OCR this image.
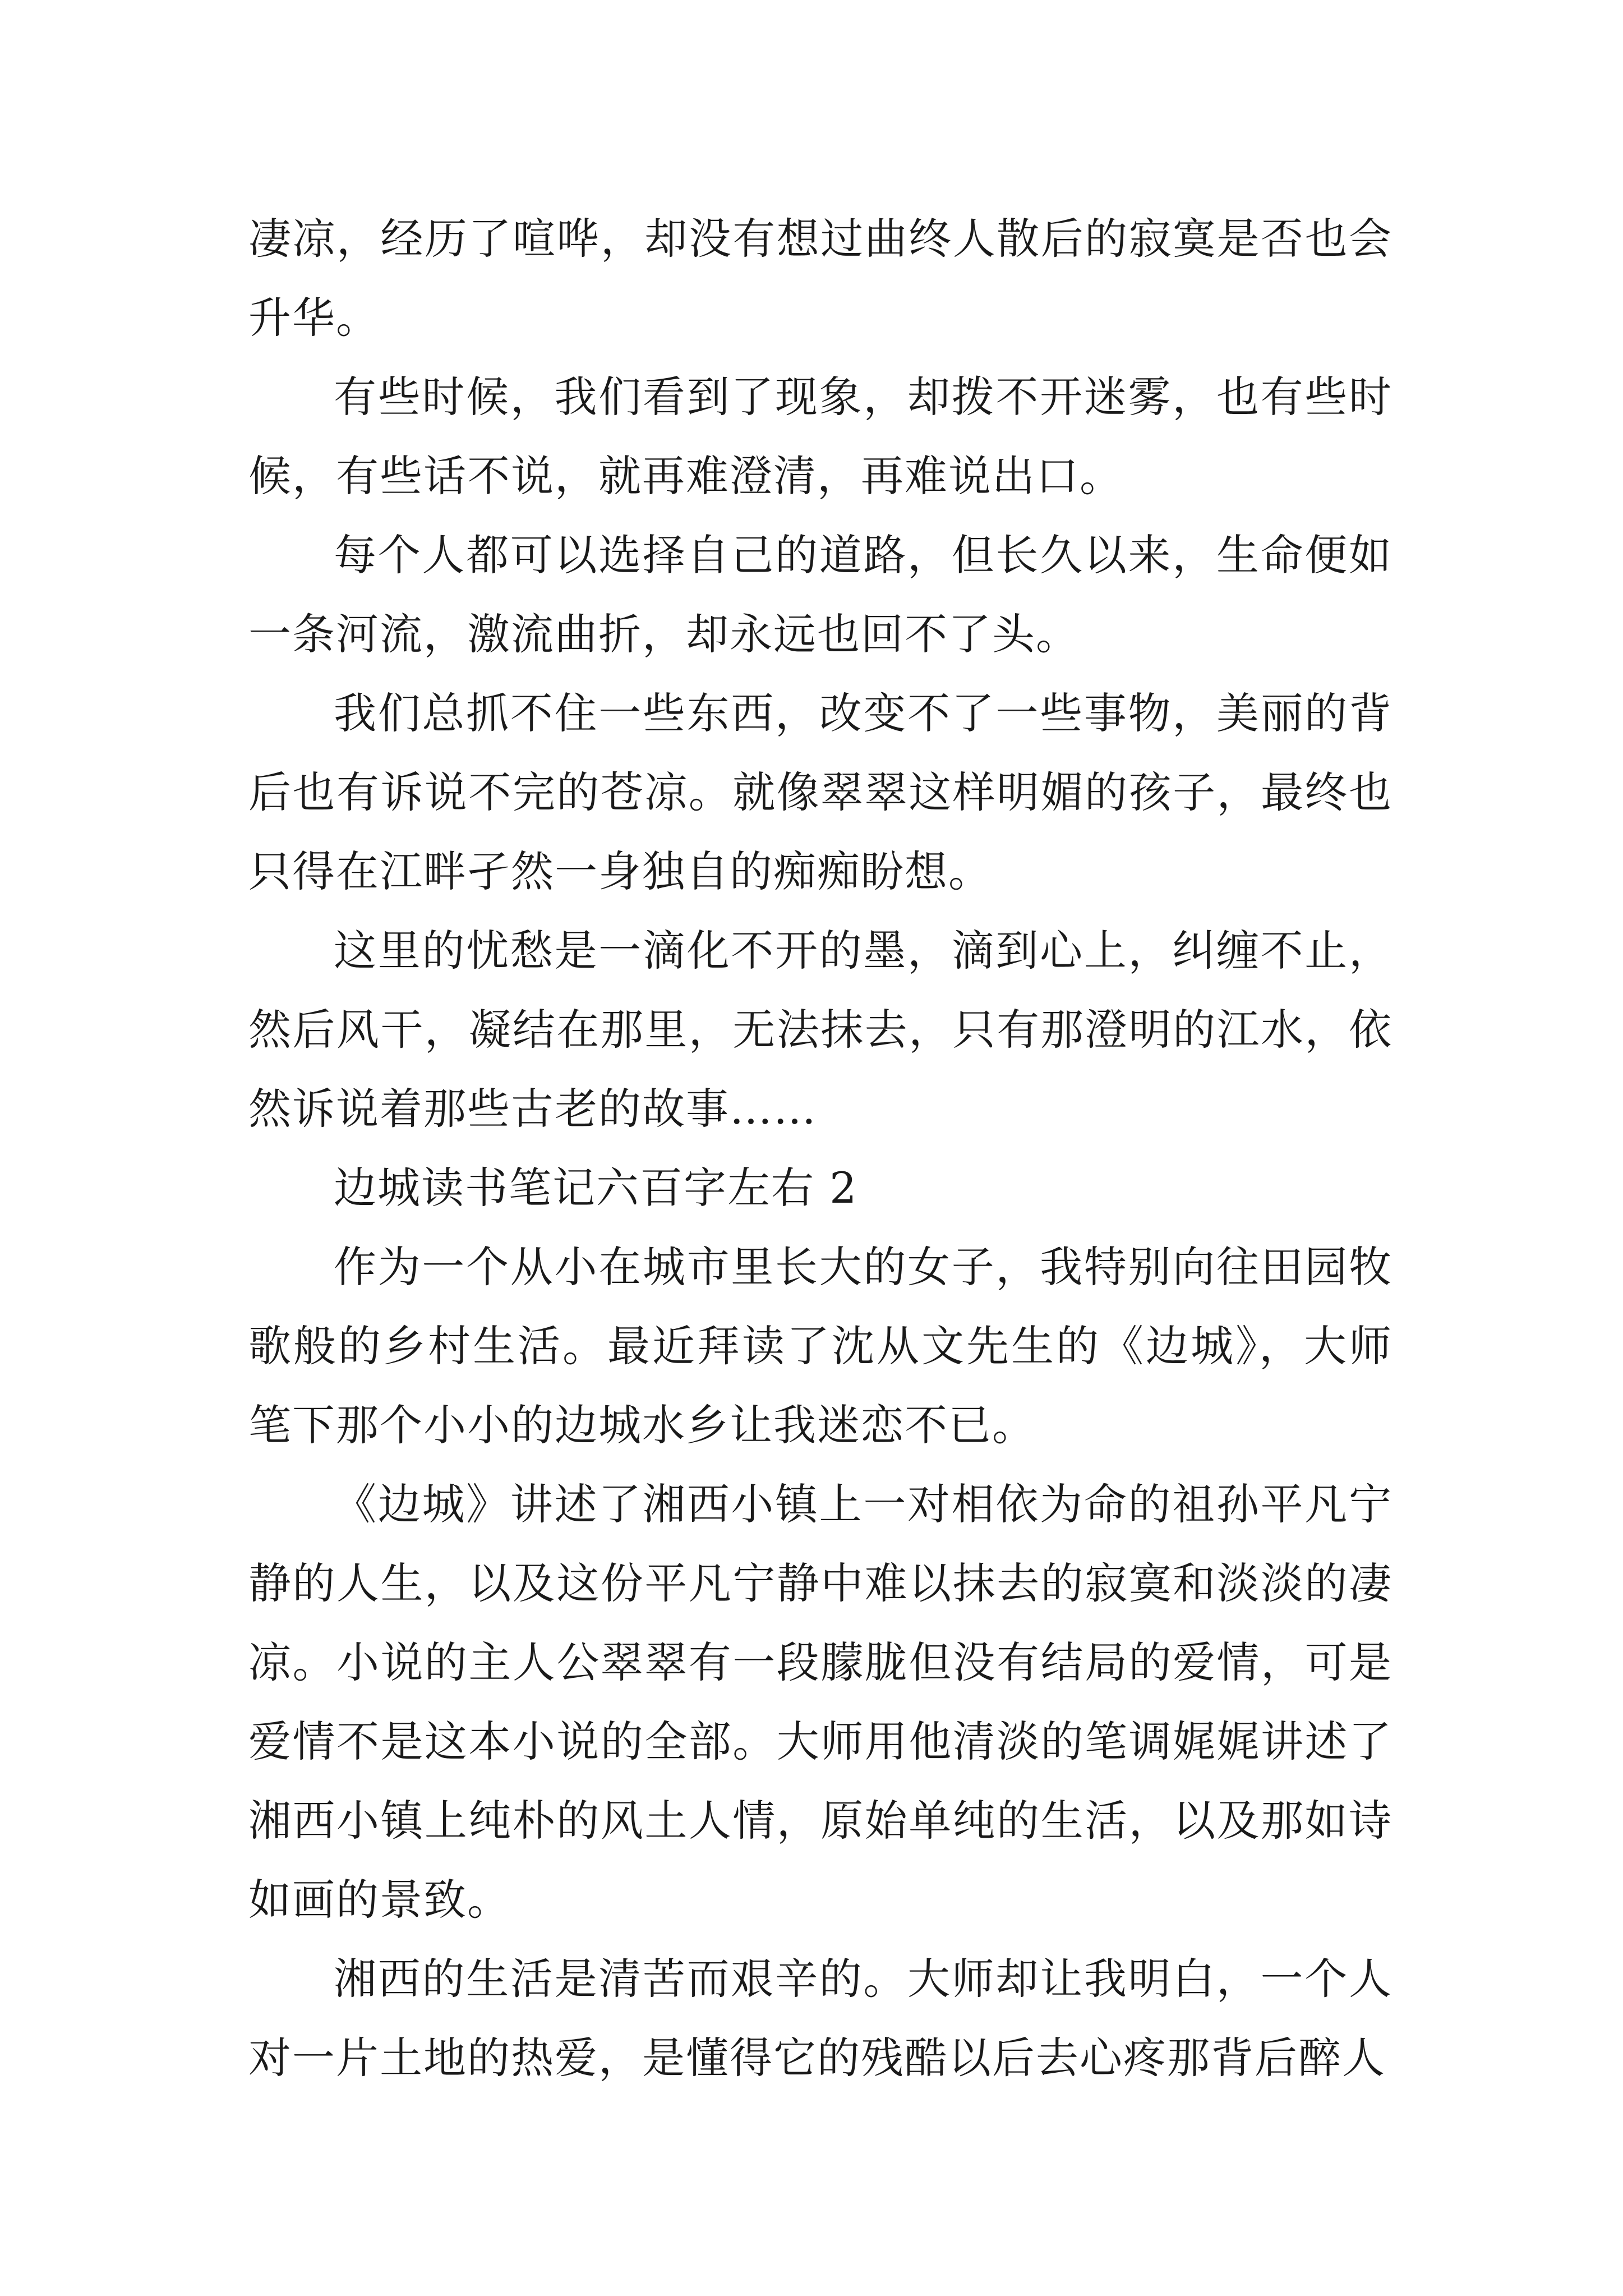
凄凉，经历了喧哗，却没有想过曲终人散后的寂寞是否也会升华。

有些时候，我们看到了现象，却拨不开迷雾，也有些时候，有些话不说，就再难澄清，再难说出口。

每个人都可以选择自己的道路，但长久以来，生命便如一条河流，激流曲折，却永远也回不了头。

我们总抓不住一些东西，改变不了一些事物，美丽的背后也有诉说不完的苍凉。就像翠翠这样明媚的孩子，最终也只得在江畔孑然一身独自的痴痴盼想。

这里的忧愁是一滴化不开的墨，滴到心上，纠缠不止，然后风干，凝结在那里，无法抹去，只有那澄明的江水，依然诉说着那些古老的故事……

边城读书笔记六百字左右 2

作为一个从小在城市里长大的女子，我特别向往田园牧歌般的乡村生活。最近拜读了沈从文先生的《边城》，大师笔下那个小小的边城水乡让我迷恋不已。

《边城》讲述了湘西小镇上一对相依为命的祖孙平凡宁静的人生，以及这份平凡宁静中难以抹去的寂寞和淡淡的凄凉。小说的主人公翠翠有一段朦胧但没有结局的爱情，可是爱情不是这本小说的全部。大师用他清淡的笔调娓娓讲述了湘西小镇上纯朴的风土人情，原始单纯的生活，以及那如诗如画的景致。

湘西的生活是清苦而艰辛的。大师却让我明白，一个人对一片土地的热爱，是懂得它的残酷以后去心疼那背后醉人
